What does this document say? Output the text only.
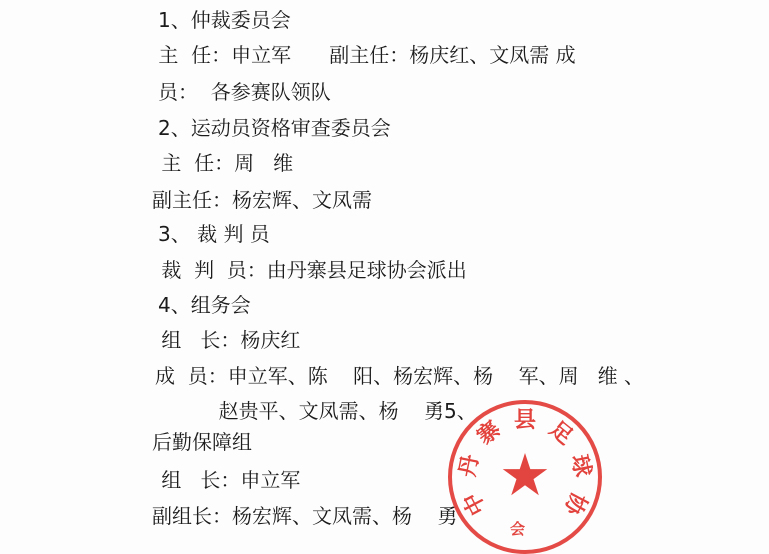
1、仲裁委员会
主  任：申立军      副主任：杨庆红、文凤需 成
员：  各参赛队领队
2、运动员资格审查委员会
主  任：周   维
副主任：杨宏辉、文凤需
3、 裁 判 员
裁  判  员：由丹寨县足球协会派出
4、组务会
组   长：杨庆红
成  员：申立军、陈    阳、杨宏辉、杨    军、周   维 、
赵贵平、文凤需、杨    勇5、
后勤保障组
组   长：申立军
副组长：杨宏辉、文凤需、杨    勇
★
中
丹
寨 县 足
球
协
会
